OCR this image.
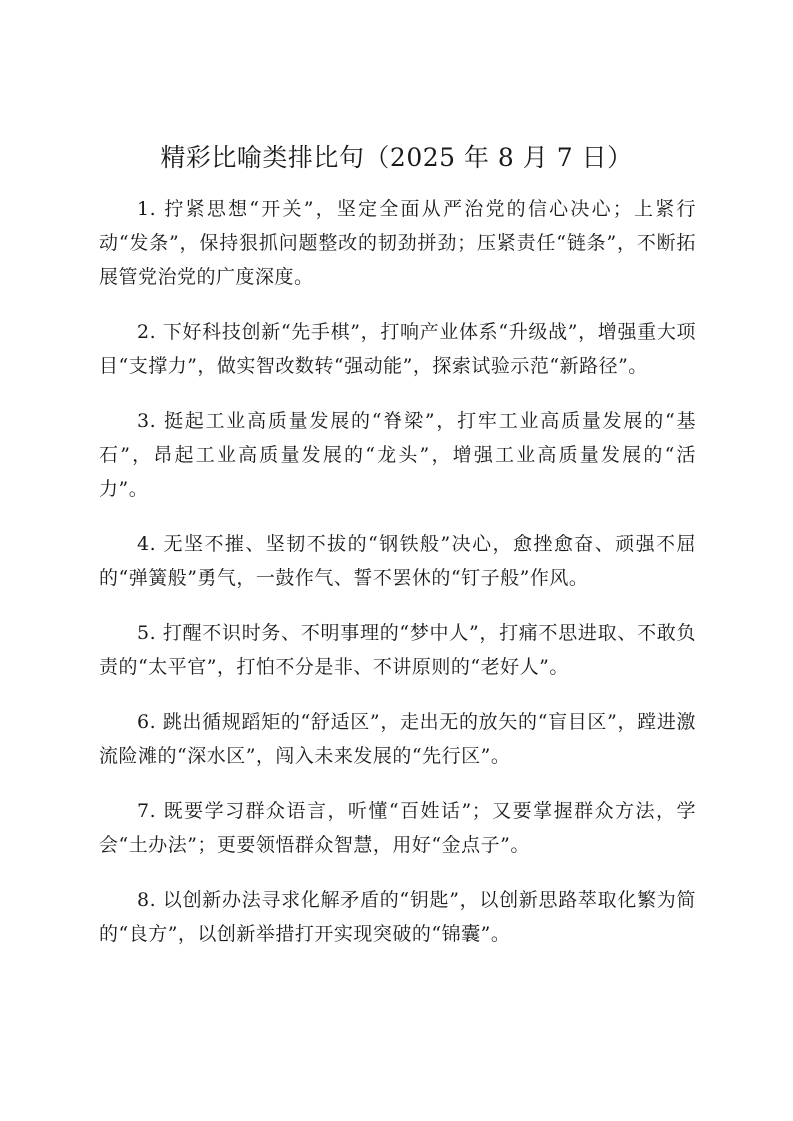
精彩比喻类排比句（2025 年 8 月 7 日）

1. 拧紧思想“开关”，坚定全面从严治党的信心决心；上紧行动“发条”，保持狠抓问题整改的韧劲拼劲；压紧责任“链条”，不断拓展管党治党的广度深度。

2. 下好科技创新“先手棋”，打响产业体系“升级战”，增强重大项目“支撑力”，做实智改数转“强动能”，探索试验示范“新路径”。

3. 挺起工业高质量发展的“脊梁”，打牢工业高质量发展的“基石”，昂起工业高质量发展的“龙头”，增强工业高质量发展的“活力”。

4. 无坚不摧、坚韧不拔的“钢铁般”决心，愈挫愈奋、顽强不屈的“弹簧般”勇气，一鼓作气、誓不罢休的“钉子般”作风。

5. 打醒不识时务、不明事理的“梦中人”，打痛不思进取、不敢负责的“太平官”，打怕不分是非、不讲原则的“老好人”。

6. 跳出循规蹈矩的“舒适区”，走出无的放矢的“盲目区”，蹚进激流险滩的“深水区”，闯入未来发展的“先行区”。

7. 既要学习群众语言，听懂“百姓话”；又要掌握群众方法，学会“土办法”；更要领悟群众智慧，用好“金点子”。

8. 以创新办法寻求化解矛盾的“钥匙”，以创新思路萃取化繁为简的“良方”，以创新举措打开实现突破的“锦囊”。
